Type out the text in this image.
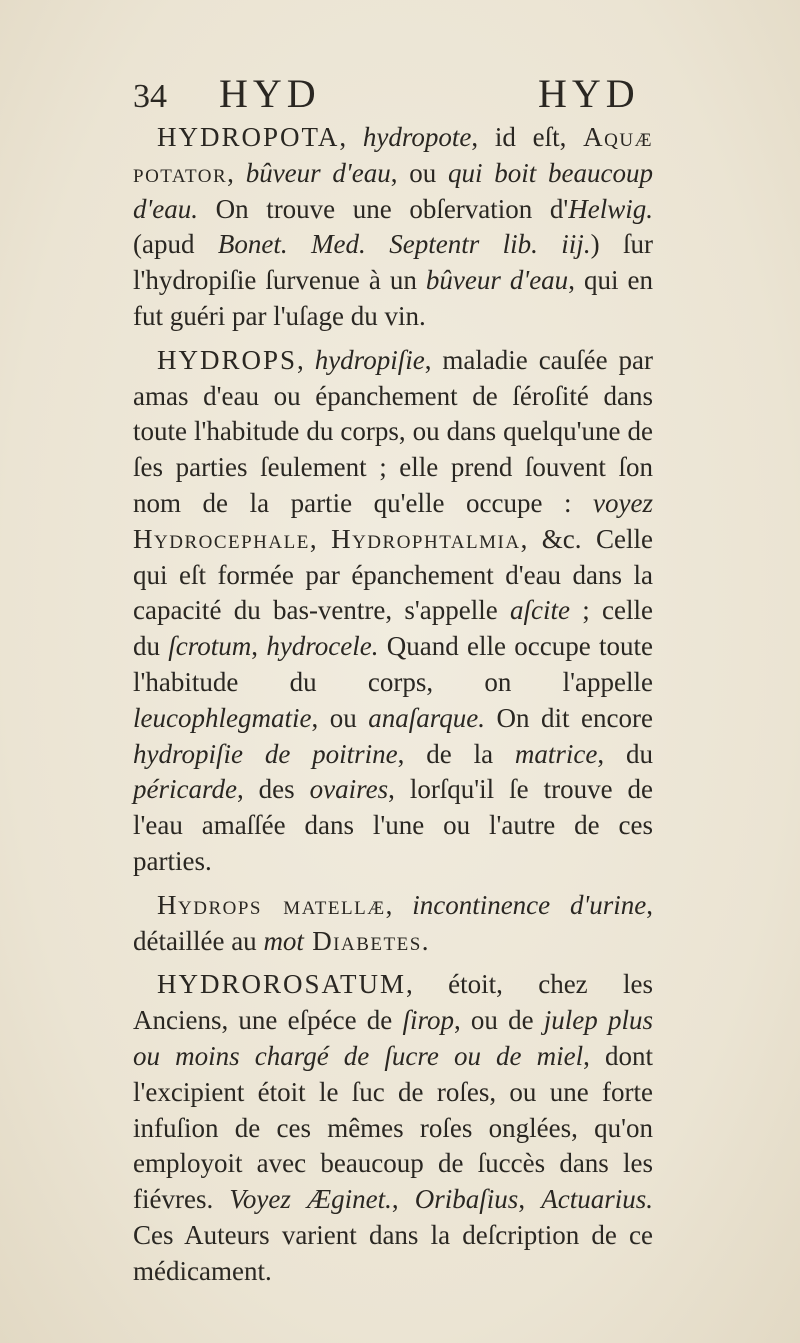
34 HYD	HYD

HYDROPOTA, hydropote, id eſt, Aquæ potator, bûveur d'eau, ou qui boit beaucoup d'eau. On trouve une obſervation d'Helwig. (apud Bonet. Med. Septentr lib. iij.) ſur l'hydropiſie ſurvenue à un bûveur d'eau, qui en fut guéri par l'uſage du vin.

HYDROPS, hydropiſie, maladie cauſée par amas d'eau ou épanchement de ſéroſité dans toute l'habitude du corps, ou dans quelqu'une de ſes parties ſeulement ; elle prend ſouvent ſon nom de la partie qu'elle occupe : voyez Hydrocephale, Hydrophtalmia, &c. Celle qui eſt formée par épanchement d'eau dans la capacité du bas-ventre, s'appelle aſcite ; celle du ſcrotum, hydrocele. Quand elle occupe toute l'habitude du corps, on l'appelle leucophlegmatie, ou anaſarque. On dit encore hydropiſie de poitrine, de la matrice, du péricarde, des ovaires, lorſqu'il ſe trouve de l'eau amaſſée dans l'une ou l'autre de ces parties.

Hydrops matellæ, incontinence d'urine, détaillée au mot Diabetes.

HYDROROSATUM, étoit, chez les Anciens, une eſpéce de ſirop, ou de julep plus ou moins chargé de ſucre ou de miel, dont l'excipient étoit le ſuc de roſes, ou une forte infuſion de ces mêmes roſes onglées, qu'on employoit avec beaucoup de ſuccès dans les fiévres. Voyez Æginet., Oribaſius, Actuarius. Ces Auteurs varient dans la deſcription de ce médicament.
